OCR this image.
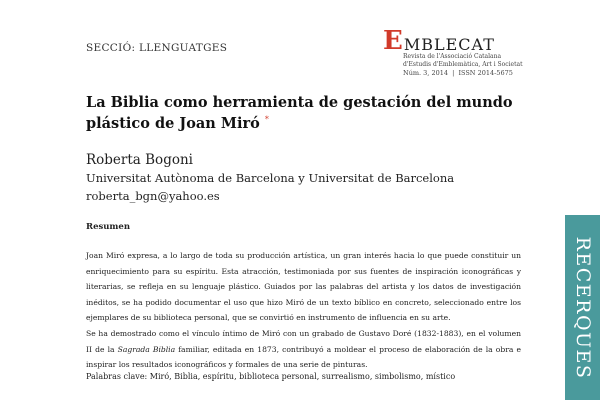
SECCIÓ: LLENGUATGES	E MBLECAT
Revista de l'Associació Catalana
d'Estudis d'Emblemàtica, Art i Societat
Núm. 3, 2014  |  ISSN 2014-5675
La Biblia como herramienta de gestación del mundo plástico de Joan Miró *
Roberta Bogoni
Universitat Autònoma de Barcelona y Universitat de Barcelona
roberta_bgn@yahoo.es
Resumen

Joan Miró expresa, a lo largo de toda su producción artística, un gran interés hacia lo que puede constituir un enriquecimiento para su espíritu. Esta atracción, testimoniada por sus fuentes de inspiración iconográficas y literarias, se refleja en su lenguaje plástico. Guiados por las palabras del artista y los datos de investigación inéditos, se ha podido documentar el uso que hizo Miró de un texto bíblico en concreto, seleccionado entre los ejemplares de su biblioteca personal, que se convirtió en instrumento de influencia en su arte.

Se ha demostrado como el vínculo íntimo de Miró con un grabado de Gustavo Doré (1832-1883), en el volumen II de la Sagrada Biblia familiar, editada en 1873, contribuyó a moldear el proceso de elaboración de la obra e inspirar los resultados iconográficos y formales de una serie de pinturas.

Palabras clave: Miró, Biblia, espíritu, biblioteca personal, surrealismo, simbolismo, místico	RECERQUES
